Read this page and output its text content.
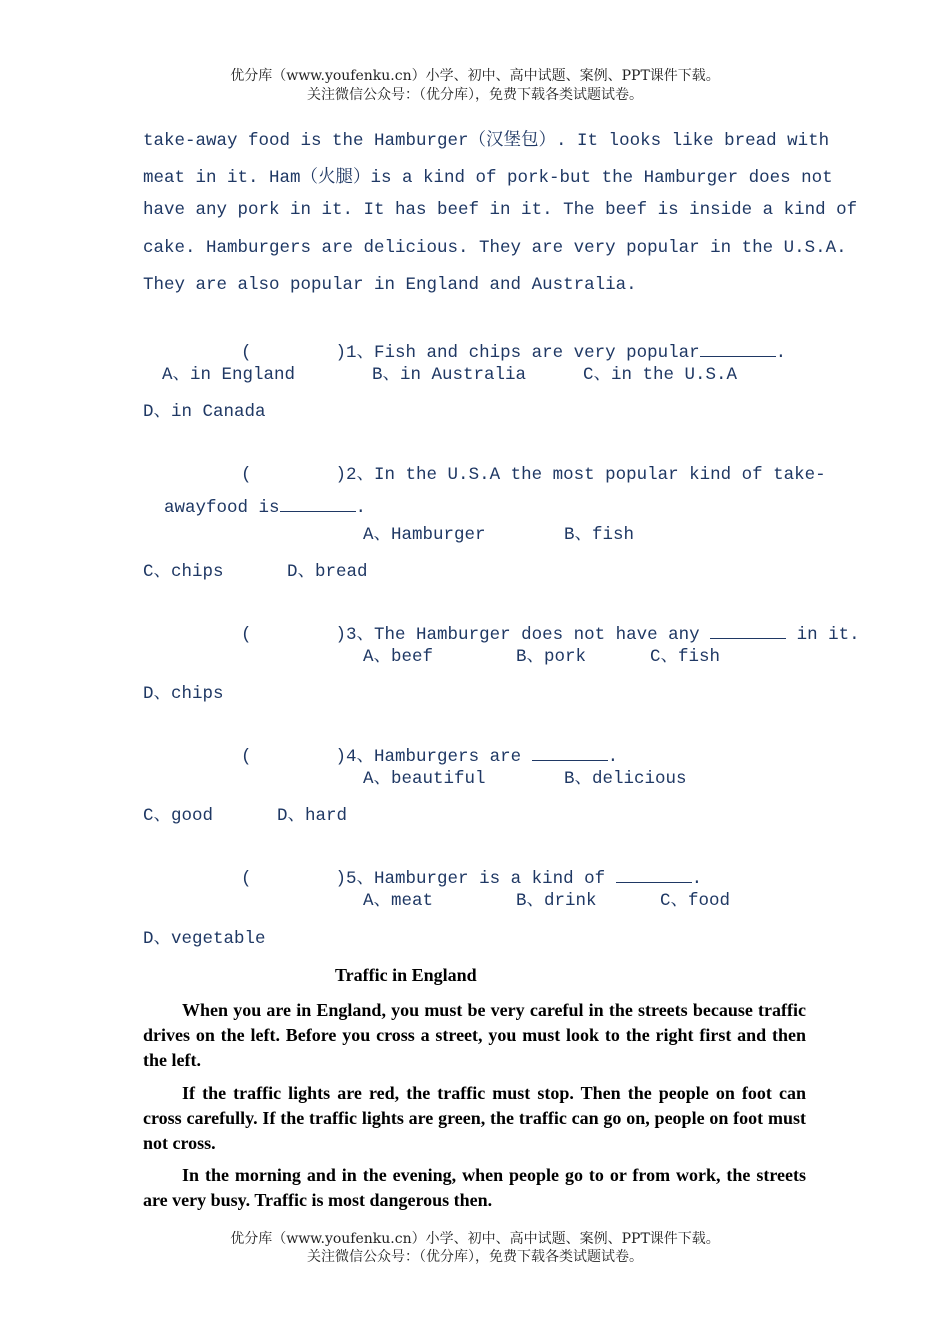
优分库（www.youfenku.cn）小学、初中、高中试题、案例、PPT课件下载。
关注微信公众号：（优分库），免费下载各类试题试卷。
take-away food is the Hamburger（汉堡包）. It looks like bread with
meat in it. Ham（火腿）is a kind of pork-but the Hamburger does not
have any pork in it. It has beef in it. The beef is inside a kind of
cake. Hamburgers are delicious. They are very popular in the U.S.A.
They are also popular in England and Australia.

(        )1、Fish and chips are very popular	.

A、in England	B、in Australia	C、in the U.S.A
D、in Canada

(        )2、In the U.S.A the most popular kind of take-

awayfood is	.

A、Hamburger	B、fish
C、chips	D、bread

(        )3、The Hamburger does not have any	in it.

A、beef	B、pork	C、fish
D、chips

(        )4、Hamburgers are	.

A、beautiful	B、delicious
C、good	D、hard

(        )5、Hamburger is a kind of	.

A、meat	B、drink	C、food
D、vegetable
Traffic in England

When you are in England, you must be very careful in the streets because traffic drives on the left. Before you cross a street, you must look to the right first and then the left.

If the traffic lights are red, the traffic must stop. Then the people on foot can cross carefully. If the traffic lights are green, the traffic can go on, people on foot must not cross.

In the morning and in the evening, when people go to or from work, the streets are very busy. Traffic is most dangerous then.

优分库（www.youfenku.cn）小学、初中、高中试题、案例、PPT课件下载。
关注微信公众号：（优分库），免费下载各类试题试卷。
